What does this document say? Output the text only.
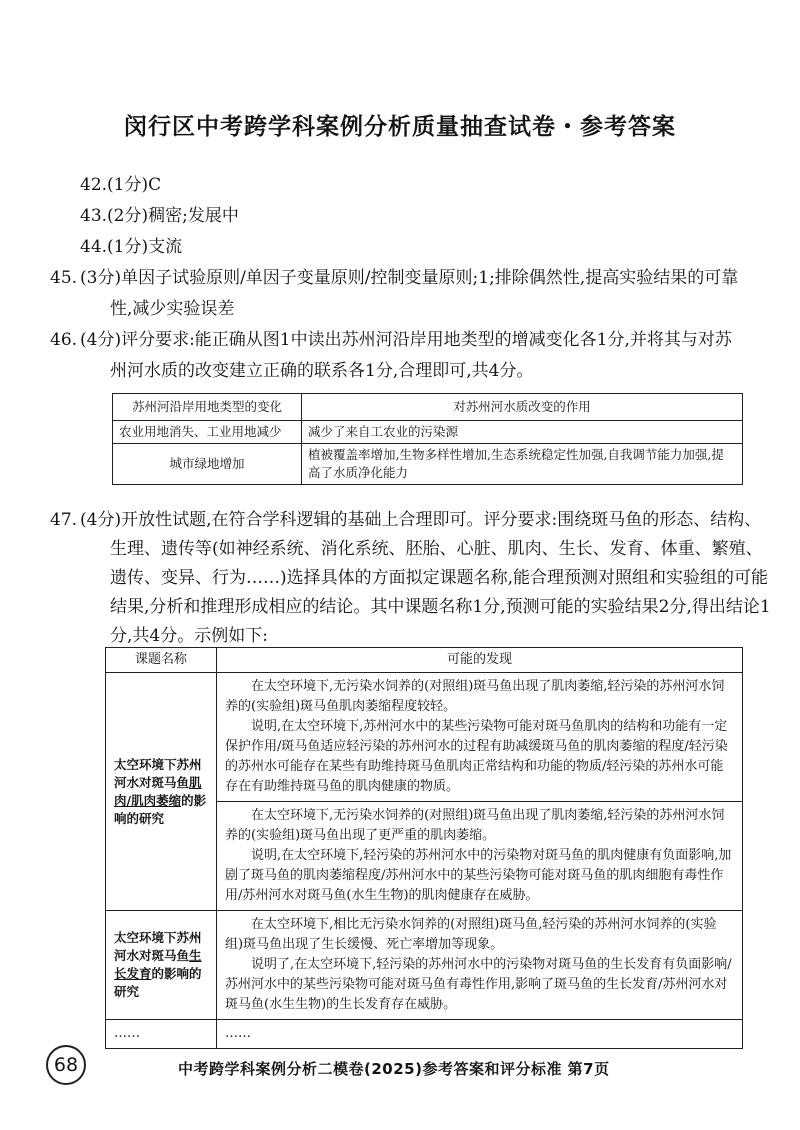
闵行区中考跨学科案例分析质量抽查试卷・参考答案

42.(1分)C

43.(2分)稠密;发展中

44.(1分)支流

45. (3分)单因子试验原则/单因子变量原则/控制变量原则;1;排除偶然性,提高实验结果的可靠性,减少实验误差

46. (4分)评分要求:能正确从图1中读出苏州河沿岸用地类型的增减变化各1分,并将其与对苏州河水质的改变建立正确的联系各1分,合理即可,共4分。

苏州河沿岸用地类型的变化	对苏州河水质改变的作用
农业用地消失、工业用地减少	减少了来自工农业的污染源
城市绿地增加	植被覆盖率增加,生物多样性增加,生态系统稳定性加强,自我调节能力加强,提高了水质净化能力

47. (4分)开放性试题,在符合学科逻辑的基础上合理即可。评分要求:围绕斑马鱼的形态、结构、生理、遗传等(如神经系统、消化系统、胚胎、心脏、肌肉、生长、发育、体重、繁殖、遗传、变异、行为……)选择具体的方面拟定课题名称,能合理预测对照组和实验组的可能结果,分析和推理形成相应的结论。其中课题名称1分,预测可能的实验结果2分,得出结论1分,共4分。示例如下:

课题名称	可能的发现
太空环境下苏州河水对斑马鱼肌肉/肌肉萎缩的影响的研究	在太空环境下,无污染水饲养的(对照组)斑马鱼出现了肌肉萎缩,轻污染的苏州河水饲养的(实验组)斑马鱼肌肉萎缩程度较轻。

说明,在太空环境下,苏州河水中的某些污染物可能对斑马鱼肌肉的结构和功能有一定保护作用/斑马鱼适应轻污染的苏州河水的过程有助减缓斑马鱼的肌肉萎缩的程度/轻污染的苏州水可能存在某些有助维持斑马鱼肌肉正常结构和功能的物质/轻污染的苏州水可能存在有助维持斑马鱼的肌肉健康的物质。

	在太空环境下,无污染水饲养的(对照组)斑马鱼出现了肌肉萎缩,轻污染的苏州河水饲养的(实验组)斑马鱼出现了更严重的肌肉萎缩。

说明,在太空环境下,轻污染的苏州河水中的污染物对斑马鱼的肌肉健康有负面影响,加剧了斑马鱼的肌肉萎缩程度/苏州河水中的某些污染物可能对斑马鱼的肌肉细胞有毒性作用/苏州河水对斑马鱼(水生生物)的肌肉健康存在威胁。

太空环境下苏州河水对斑马鱼生长发育的影响的研究	在太空环境下,相比无污染水饲养的(对照组)斑马鱼,轻污染的苏州河水饲养的(实验组)斑马鱼出现了生长缓慢、死亡率增加等现象。

说明了,在太空环境下,轻污染的苏州河水中的污染物对斑马鱼的生长发育有负面影响/苏州河水中的某些污染物可能对斑马鱼有毒性作用,影响了斑马鱼的生长发育/苏州河水对斑马鱼(水生生物)的生长发育存在威胁。

……	……
68	中考跨学科案例分析二模卷(2025)参考答案和评分标准 第7页
